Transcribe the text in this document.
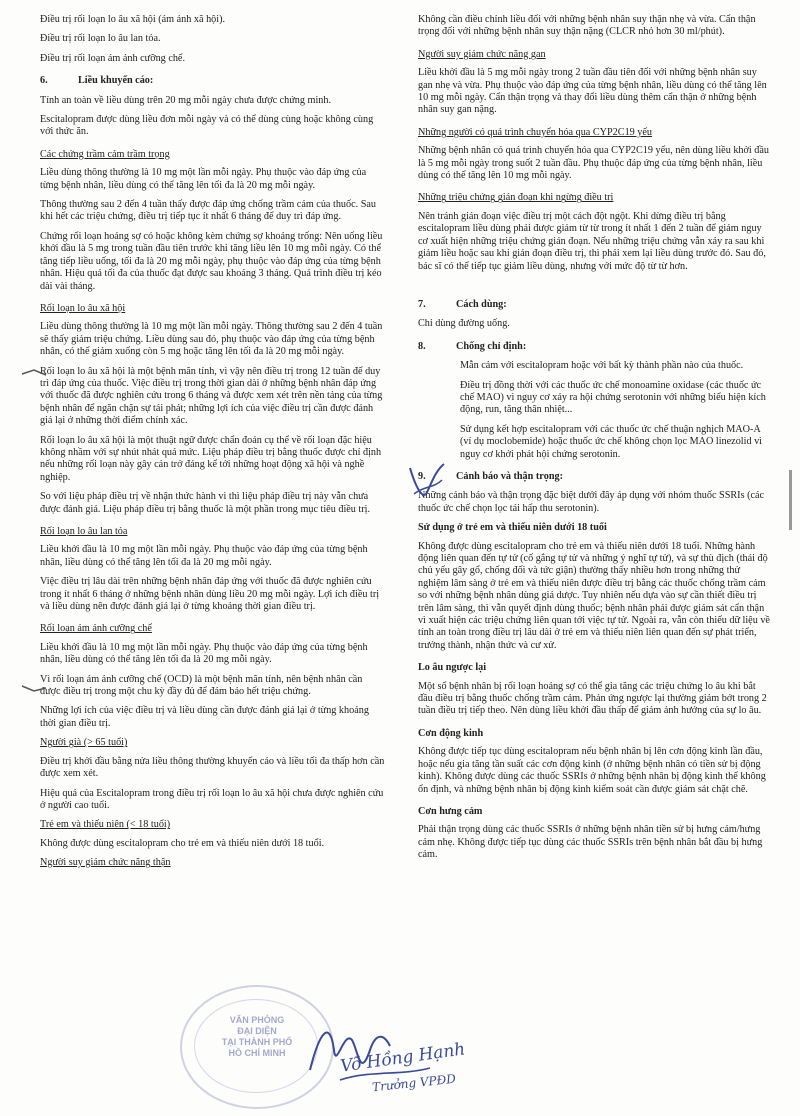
Điều trị rối loạn lo âu xã hội (ám ảnh xã hội).
Điều trị rối loạn lo âu lan tỏa.
Điều trị rối loạn ám ảnh cưỡng chế.
6.	Liều khuyến cáo:
Tính an toàn về liều dùng trên 20 mg mỗi ngày chưa được chứng minh.
Escitalopram được dùng liều đơn mỗi ngày và có thể dùng cùng hoặc không cùng với thức ăn.
Các chứng trầm cảm trầm trọng
Liều dùng thông thường là 10 mg một lần mỗi ngày. Phụ thuộc vào đáp ứng của từng bệnh nhân, liều dùng có thể tăng lên tối đa là 20 mg mỗi ngày.
Thông thường sau 2 đến 4 tuần thấy được đáp ứng chống trầm cảm của thuốc. Sau khi hết các triệu chứng, điều trị tiếp tục ít nhất 6 tháng để duy trì đáp ứng.
Chứng rối loạn hoảng sợ có hoặc không kèm chứng sợ khoảng trống: Nên uống liều khởi đầu là 5 mg trong tuần đầu tiên trước khi tăng liều lên 10 mg mỗi ngày. Có thể tăng tiếp liều uống, tối đa là 20 mg mỗi ngày, phụ thuộc vào đáp ứng của từng bệnh nhân. Hiệu quả tối đa của thuốc đạt được sau khoảng 3 tháng. Quá trình điều trị kéo dài vài tháng.
Rối loạn lo âu xã hội
Liều dùng thông thường là 10 mg một lần mỗi ngày. Thông thường sau 2 đến 4 tuần sẽ thấy giảm triệu chứng. Liều dùng sau đó, phụ thuộc vào đáp ứng của từng bệnh nhân, có thể giảm xuống còn 5 mg hoặc tăng lên tối đa là 20 mg mỗi ngày.
Rối loạn lo âu xã hội là một bệnh mãn tính, vì vậy nên điều trị trong 12 tuần để duy trì đáp ứng của thuốc. Việc điều trị trong thời gian dài ở những bệnh nhân đáp ứng với thuốc đã được nghiên cứu trong 6 tháng và được xem xét trên nền tảng của từng bệnh nhân để ngăn chặn sự tái phát; những lợi ích của việc điều trị cần được đánh giá lại ở những thời điểm chính xác.
Rối loạn lo âu xã hội là một thuật ngữ được chẩn đoán cụ thể về rối loạn đặc hiệu không nhầm với sự nhút nhát quá mức. Liệu pháp điều trị bằng thuốc được chỉ định nếu những rối loạn này gây cản trở đáng kể tới những hoạt động xã hội và nghề nghiệp.
So với liệu pháp điều trị về nhận thức hành vi thì liệu pháp điều trị này vẫn chưa được đánh giá. Liệu pháp điều trị bằng thuốc là một phần trong mục tiêu điều trị.
Rối loạn lo âu lan tỏa
Liều khởi đầu là 10 mg một lần mỗi ngày. Phụ thuộc vào đáp ứng của từng bệnh nhân, liều dùng có thể tăng lên tối đa là 20 mg mỗi ngày.
Việc điều trị lâu dài trên những bệnh nhân đáp ứng với thuốc đã được nghiên cứu trong ít nhất 6 tháng ở những bệnh nhân dùng liều 20 mg mỗi ngày. Lợi ích điều trị và liều dùng nên được đánh giá lại ở từng khoảng thời gian điều trị.
Rối loạn ám ảnh cưỡng chế
Liều khởi đầu là 10 mg một lần mỗi ngày. Phụ thuộc vào đáp ứng của từng bệnh nhân, liều dùng có thể tăng lên tối đa là 20 mg mỗi ngày.
Vì rối loạn ám ảnh cưỡng chế (OCD) là một bệnh mãn tính, nên bệnh nhân cần được điều trị trong một chu kỳ đầy đủ để đảm bảo hết triệu chứng.
Những lợi ích của việc điều trị và liều dùng cần được đánh giá lại ở từng khoảng thời gian điều trị.
Người già (> 65 tuổi)
Điều trị khởi đầu bằng nửa liều thông thường khuyến cáo và liều tối đa thấp hơn cần được xem xét.
Hiệu quả của Escitalopram trong điều trị rối loạn lo âu xã hội chưa được nghiên cứu ở người cao tuổi.
Trẻ em và thiếu niên (< 18 tuổi)
Không được dùng escitalopram cho trẻ em và thiếu niên dưới 18 tuổi.
Người suy giảm chức năng thận
Không cần điều chỉnh liều đối với những bệnh nhân suy thận nhẹ và vừa. Cẩn thận trọng đối với những bệnh nhân suy thận nặng (CLCR nhỏ hơn 30 ml/phút).
Người suy giảm chức năng gan
Liều khởi đầu là 5 mg mỗi ngày trong 2 tuần đầu tiên đối với những bệnh nhân suy gan nhẹ và vừa. Phụ thuộc vào đáp ứng của từng bệnh nhân, liều dùng có thể tăng lên 10 mg mỗi ngày. Cẩn thận trọng và thay đổi liều dùng thêm cẩn thận ở những bệnh nhân suy gan nặng.
Những người có quá trình chuyển hóa qua CYP2C19 yếu
Những bệnh nhân có quá trình chuyển hóa qua CYP2C19 yếu, nên dùng liều khởi đầu là 5 mg mỗi ngày trong suốt 2 tuần đầu. Phụ thuộc đáp ứng của từng bệnh nhân, liều dùng có thể tăng lên 10 mg mỗi ngày.
Những triệu chứng gián đoạn khi ngừng điều trị
Nên tránh gián đoạn việc điều trị một cách đột ngột. Khi dừng điều trị bằng escitalopram liều dùng phải được giảm từ từ trong ít nhất 1 đến 2 tuần để giảm nguy cơ xuất hiện những triệu chứng gián đoạn. Nếu những triệu chứng vẫn xảy ra sau khi giảm liều hoặc sau khi gián đoạn điều trị, thì phải xem lại liều dùng trước đó. Sau đó, bác sĩ có thể tiếp tục giảm liều dùng, nhưng với mức độ từ từ hơn.
7.	Cách dùng:
Chỉ dùng đường uống.
8.	Chống chỉ định:
Mẫn cảm với escitalopram hoặc với bất kỳ thành phần nào của thuốc.
Điều trị đồng thời với các thuốc ức chế monoamine oxidase (các thuốc ức chế MAO) vì nguy cơ xảy ra hội chứng serotonin với những biểu hiện kích động, run, tăng thân nhiệt...
Sử dụng kết hợp escitalopram với các thuốc ức chế thuận nghịch MAO-A (ví dụ moclobemide) hoặc thuốc ức chế không chọn lọc MAO linezolid vì nguy cơ khởi phát hội chứng serotonin.
9.	Cảnh báo và thận trọng:
Những cảnh báo và thận trọng đặc biệt dưới đây áp dụng với nhóm thuốc SSRIs (các thuốc ức chế chọn lọc tái hấp thu serotonin).
Sử dụng ở trẻ em và thiếu niên dưới 18 tuổi
Không được dùng escitalopram cho trẻ em và thiếu niên dưới 18 tuổi. Những hành động liên quan đến tự tử (cố gắng tự tử và những ý nghĩ tự tử), và sự thù địch (thái độ chủ yếu gây gổ, chống đối và tức giận) thường thấy nhiều hơn trong những thử nghiệm lâm sàng ở trẻ em và thiếu niên được điều trị bằng các thuốc chống trầm cảm so với những bệnh nhân dùng giả dược. Tuy nhiên nếu dựa vào sự cần thiết điều trị trên lâm sàng, thì vẫn quyết định dùng thuốc; bệnh nhân phải được giám sát cẩn thận vì xuất hiện các triệu chứng liên quan tới việc tự tử. Ngoài ra, vẫn còn thiếu dữ liệu về tính an toàn trong điều trị lâu dài ở trẻ em và thiếu niên liên quan đến sự phát triển, trưởng thành, nhận thức và cư xử.
Lo âu ngược lại
Một số bệnh nhân bị rối loạn hoảng sợ có thể gia tăng các triệu chứng lo âu khi bắt đầu điều trị bằng thuốc chống trầm cảm. Phản ứng ngược lại thường giảm bớt trong 2 tuần điều trị tiếp theo. Nên dùng liều khởi đầu thấp để giảm ảnh hưởng của sự lo âu.
Cơn động kinh
Không được tiếp tục dùng escitalopram nếu bệnh nhân bị lên cơn động kinh lần đầu, hoặc nếu gia tăng tần suất các cơn động kinh (ở những bệnh nhân có tiền sử bị động kinh). Không được dùng các thuốc SSRIs ở những bệnh nhân bị động kinh thể không ổn định, và những bệnh nhân bị động kinh kiểm soát cần được giám sát chặt chẽ.
Cơn hưng cảm
Phải thận trọng dùng các thuốc SSRIs ở những bệnh nhân tiền sử bị hưng cảm/hưng cảm nhẹ. Không được tiếp tục dùng các thuốc SSRIs trên bệnh nhân bắt đầu bị hưng cảm.
VĂN PHÒNG
ĐẠI DIỆN
TẠI THÀNH PHỐ
HỒ CHÍ MINH	Võ Hồng Hạnh
Trưởng VPĐD
